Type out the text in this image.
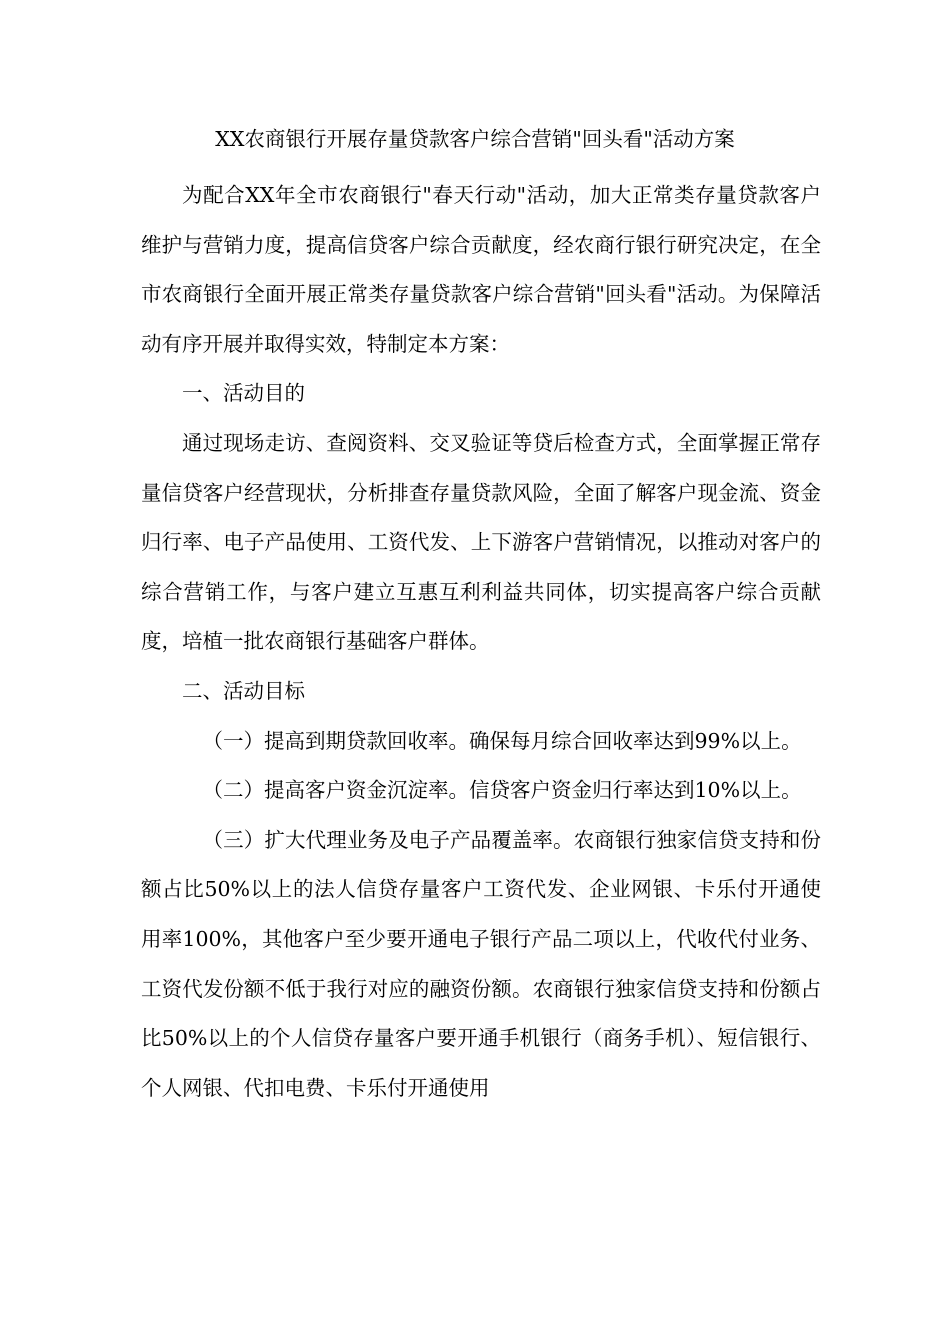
XX农商银行开展存量贷款客户综合营销"回头看"活动方案

为配合XX年全市农商银行"春天行动"活动，加大正常类存量贷款客户维护与营销力度，提高信贷客户综合贡献度，经农商行银行研究决定，在全市农商银行全面开展正常类存量贷款客户综合营销"回头看"活动。为保障活动有序开展并取得实效，特制定本方案：

一、活动目的

通过现场走访、查阅资料、交叉验证等贷后检查方式，全面掌握正常存量信贷客户经营现状，分析排查存量贷款风险，全面了解客户现金流、资金归行率、电子产品使用、工资代发、上下游客户营销情况，以推动对客户的综合营销工作，与客户建立互惠互利利益共同体，切实提高客户综合贡献度，培植一批农商银行基础客户群体。

二、活动目标

（一）提高到期贷款回收率。确保每月综合回收率达到99%以上。

（二）提高客户资金沉淀率。信贷客户资金归行率达到10%以上。

（三）扩大代理业务及电子产品覆盖率。农商银行独家信贷支持和份额占比50%以上的法人信贷存量客户工资代发、企业网银、卡乐付开通使用率100%，其他客户至少要开通电子银行产品二项以上，代收代付业务、工资代发份额不低于我行对应的融资份额。农商银行独家信贷支持和份额占比50%以上的个人信贷存量客户要开通手机银行（商务手机）、短信银行、个人网银、代扣电费、卡乐付开通使用
